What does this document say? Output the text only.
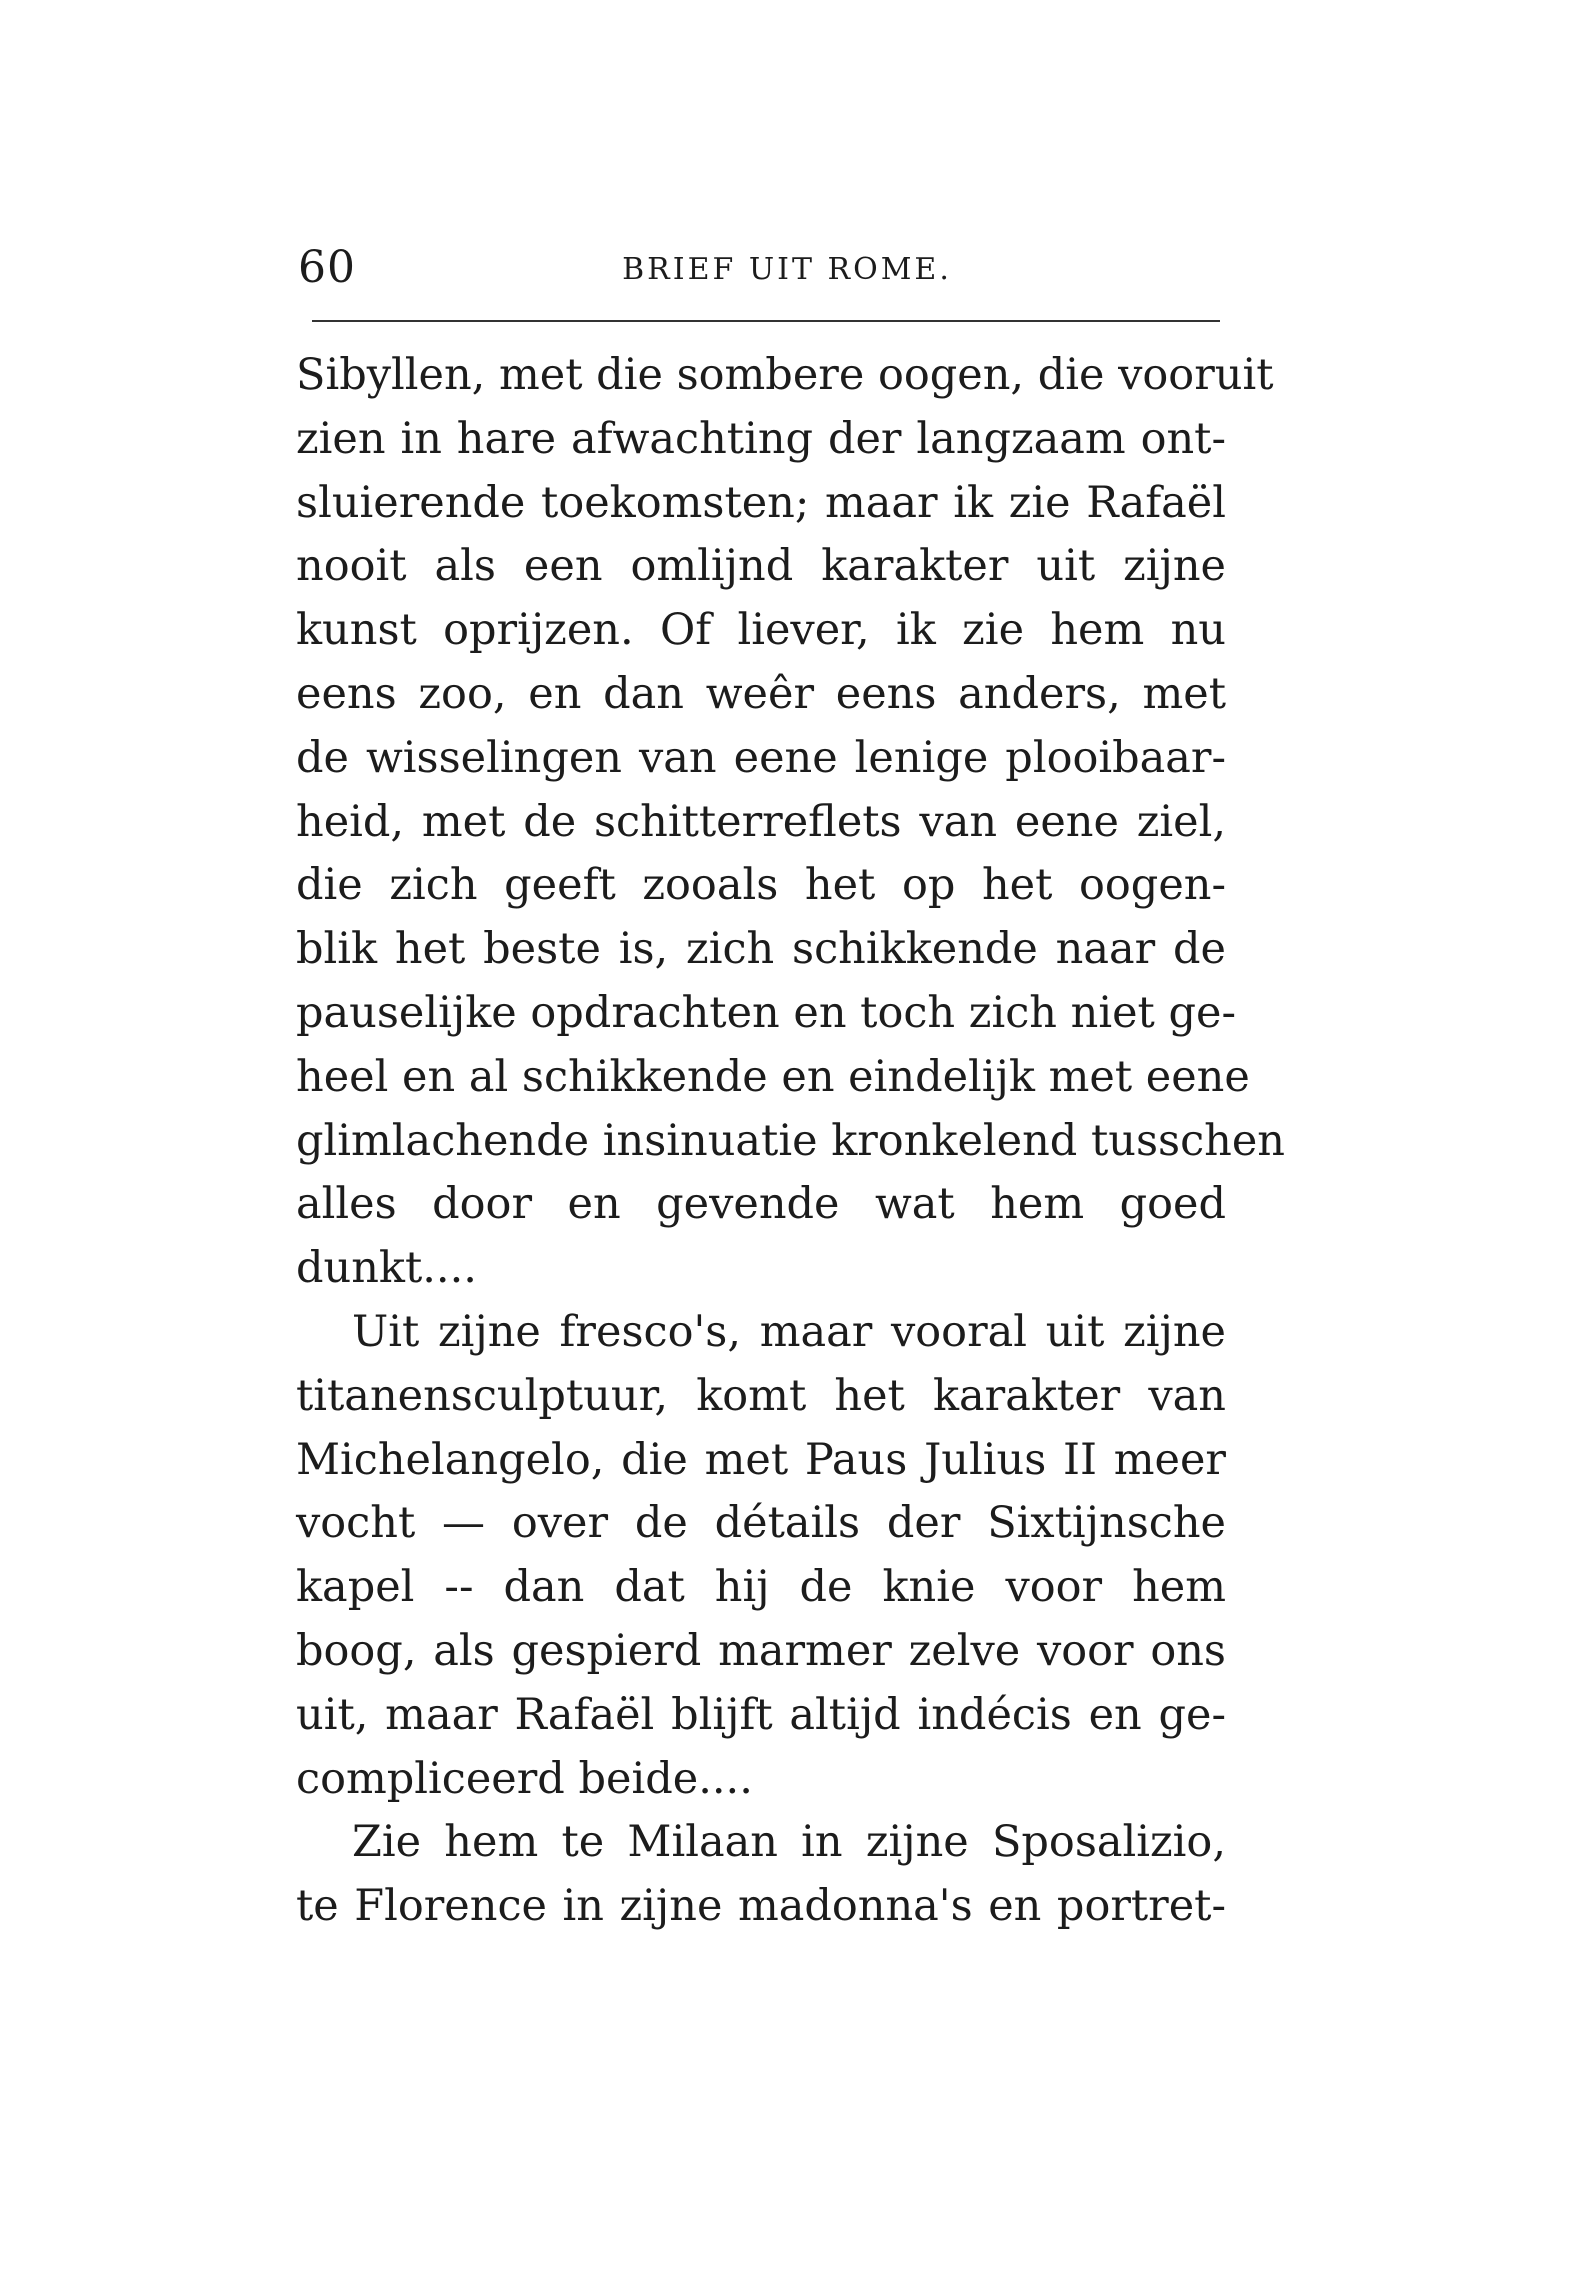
60	BRIEF UIT ROME.
Sibyllen, met die sombere oogen, die vooruit
zien in hare afwachting der langzaam ont-
sluierende toekomsten; maar ik zie Rafaël
nooit als een omlijnd karakter uit zijne
kunst oprijzen. Of liever, ik zie hem nu
eens zoo, en dan weêr eens anders, met
de wisselingen van eene lenige plooibaar-
heid, met de schitterreflets van eene ziel,
die zich geeft zooals het op het oogen-
blik het beste is, zich schikkende naar de
pauselijke opdrachten en toch zich niet ge-
heel en al schikkende en eindelijk met eene
glimlachende insinuatie kronkelend tusschen
alles door en gevende wat hem goed
dunkt....
Uit zijne fresco's, maar vooral uit zijne
titanensculptuur, komt het karakter van
Michelangelo, die met Paus Julius II meer
vocht — over de détails der Sixtijnsche
kapel -- dan dat hij de knie voor hem
boog, als gespierd marmer zelve voor ons
uit, maar Rafaël blijft altijd indécis en ge-
compliceerd beide....
Zie hem te Milaan in zijne Sposalizio,
te Florence in zijne madonna's en portret-
